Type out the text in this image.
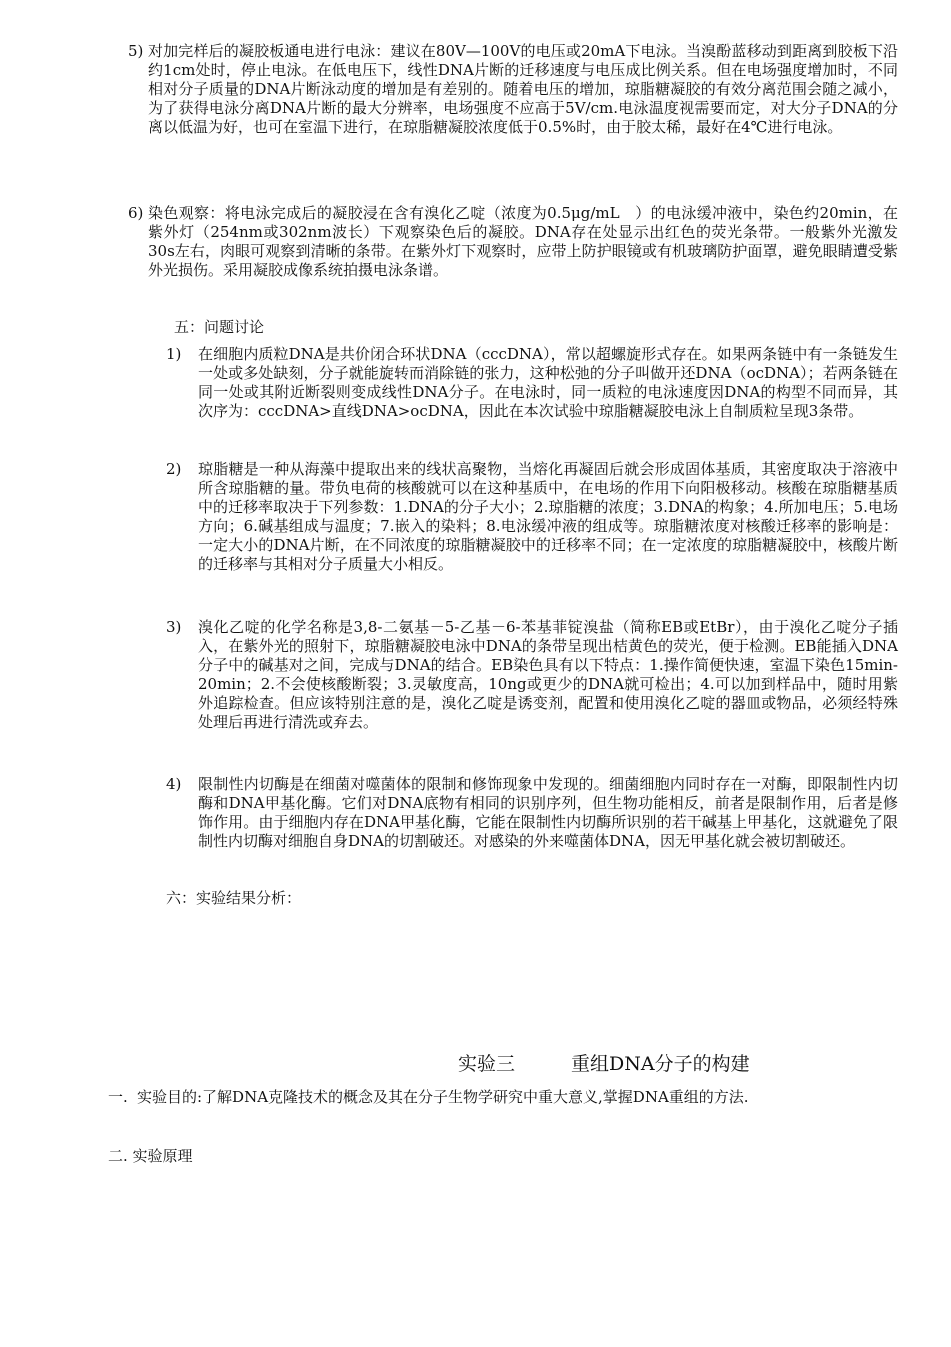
5) 对加完样后的凝胶板通电进行电泳：建议在80V—100V的电压或20mA下电泳。当溴酚蓝移动到距离到胶板下沿约1cm处时，停止电泳。在低电压下，线性DNA片断的迁移速度与电压成比例关系。但在电场强度增加时，不同相对分子质量的DNA片断泳动度的增加是有差别的。随着电压的增加，琼脂糖凝胶的有效分离范围会随之减小，为了获得电泳分离DNA片断的最大分辨率，电场强度不应高于5V/cm.电泳温度视需要而定，对大分子DNA的分离以低温为好，也可在室温下进行，在琼脂糖凝胶浓度低于0.5%时，由于胶太稀，最好在4℃进行电泳。
6) 染色观察：将电泳完成后的凝胶浸在含有溴化乙啶（浓度为0.5μg/mL　）的电泳缓冲液中，染色约20min，在紫外灯（254nm或302nm波长）下观察染色后的凝胶。DNA存在处显示出红色的荧光条带。一般紫外光激发30s左右，肉眼可观察到清晰的条带。在紫外灯下观察时，应带上防护眼镜或有机玻璃防护面罩，避免眼睛遭受紫外光损伤。采用凝胶成像系统拍摄电泳条谱。
五：问题讨论
1)	在细胞内质粒DNA是共价闭合环状DNA（cccDNA），常以超螺旋形式存在。如果两条链中有一条链发生一处或多处缺刻，分子就能旋转而消除链的张力，这种松弛的分子叫做开还DNA（ocDNA）；若两条链在同一处或其附近断裂则变成线性DNA分子。在电泳时，同一质粒的电泳速度因DNA的构型不同而异，其次序为：cccDNA>直线DNA>ocDNA，因此在本次试验中琼脂糖凝胶电泳上自制质粒呈现3条带。
2)	琼脂糖是一种从海藻中提取出来的线状高聚物，当熔化再凝固后就会形成固体基质，其密度取决于溶液中所含琼脂糖的量。带负电荷的核酸就可以在这种基质中，在电场的作用下向阳极移动。核酸在琼脂糖基质中的迁移率取决于下列参数：1.DNA的分子大小；2.琼脂糖的浓度；3.DNA的构象；4.所加电压；5.电场方向；6.碱基组成与温度；7.嵌入的染料；8.电泳缓冲液的组成等。琼脂糖浓度对核酸迁移率的影响是：一定大小的DNA片断，在不同浓度的琼脂糖凝胶中的迁移率不同；在一定浓度的琼脂糖凝胶中，核酸片断的迁移率与其相对分子质量大小相反。
3)	溴化乙啶的化学名称是3,8-二氨基－5-乙基－6-苯基菲锭溴盐（简称EB或EtBr），由于溴化乙啶分子插入，在紫外光的照射下，琼脂糖凝胶电泳中DNA的条带呈现出桔黄色的荧光，便于检测。EB能插入DNA分子中的碱基对之间，完成与DNA的结合。EB染色具有以下特点：1.操作简便快速，室温下染色15min-20min；2.不会使核酸断裂；3.灵敏度高，10ng或更少的DNA就可检出；4.可以加到样品中，随时用紫外追踪检查。但应该特别注意的是，溴化乙啶是诱变剂，配置和使用溴化乙啶的器皿或物品，必须经特殊处理后再进行清洗或弃去。
4)	限制性内切酶是在细菌对噬菌体的限制和修饰现象中发现的。细菌细胞内同时存在一对酶，即限制性内切酶和DNA甲基化酶。它们对DNA底物有相同的识别序列，但生物功能相反，前者是限制作用，后者是修饰作用。由于细胞内存在DNA甲基化酶，它能在限制性内切酶所识别的若干碱基上甲基化，这就避免了限制性内切酶对细胞自身DNA的切割破还。对感染的外来噬菌体DNA，因无甲基化就会被切割破还。
六：实验结果分析：
实验三	重组DNA分子的构建
一. 实验目的:了解DNA克隆技术的概念及其在分子生物学研究中重大意义,掌握DNA重组的方法.
二. 实验原理
